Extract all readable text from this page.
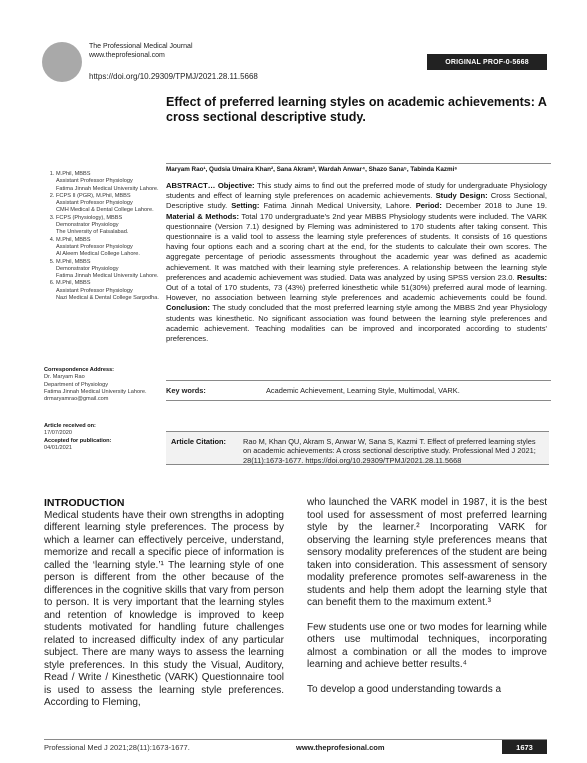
The Professional Medical Journal
www.theprofesional.com
https://doi.org/10.29309/TPMJ/2021.28.11.5668
ORIGINAL PROF-0-5668
Effect of preferred learning styles on academic achievements: A cross sectional descriptive study.
Maryam Rao¹, Qudsia Umaira Khan², Sana Akram³, Wardah Anwar⁴, Shazo Sana⁵, Tabinda Kazmi⁶
ABSTRACT… Objective: This study aims to find out the preferred mode of study for undergraduate Physiology students and effect of learning style preferences on academic achievements. Study Design: Cross Sectional, Descriptive study. Setting: Fatima Jinnah Medical University, Lahore. Period: December 2018 to June 19. Material & Methods: Total 170 undergraduate's 2nd year MBBS Physiology students were included. The VARK questionnaire (Version 7.1) designed by Fleming was administered to 170 students after taking consent. This questionnaire is a valid tool to assess the learning style preferences of students. It consists of 16 questions having four options each and a scoring chart at the end, for the students to calculate their own scores. The aggregate percentage of periodic assessments throughout the academic year was defined as academic achievement. It was matched with their learning style preferences. A relationship between the learning style preferences and academic achievement was studied. Data was analyzed by using SPSS version 23.0. Results: Out of a total of 170 students, 73 (43%) preferred kinesthetic while 51(30%) preferred aural mode of learning. However, no association between learning style preferences and academic achievements could be found. Conclusion: The study concluded that the most preferred learning style among the MBBS 2nd year Physiology students was kinesthetic. No significant association was found between the learning style preferences and academic achievement. Teaching modalities can be improved and incorporated according to students' preferences.
Key words:	Academic Achievement, Learning Style, Multimodal, VARK.
Article Citation: Rao M, Khan QU, Akram S, Anwar W, Sana S, Kazmi T. Effect of preferred learning styles on academic achievements: A cross sectional descriptive study. Professional Med J 2021; 28(11):1673-1677. https://doi.org/10.29309/TPMJ/2021.28.11.5668
1. M.Phil, MBBS
Assistant Professor Physiology
Fatima Jinnah Medical University Lahore.
2. FCPS II (PGR), M.Phil, MBBS
Assistant Professor Physiology
CMH Medical & Dental College Lahore.
3. FCPS (Physiology), MBBS
Demonstrator Physiology
The University of Faisalabad.
4. M.Phil, MBBS
Assistant Professor Physiology
Al Aleem Medical College Lahore.
5. M.Phil, MBBS
Demonstrator Physiology
Fatima Jinnah Medical University Lahore.
6. M.Phil, MBBS
Assistant Professor Physiology
Nazi Medical & Dental College Sargodha.
Correspondence Address:
Dr. Maryam Rao
Department of Physiology
Fatima Jinnah Medical University Lahore.
drmaryamrao@gmail.com
Article received on:
17/07/2020
Accepted for publication:
04/01/2021
INTRODUCTION

Medical students have their own strengths in adopting different learning style preferences. The process by which a learner can effectively perceive, understand, memorize and recall a specific piece of information is called the ‘learning style.’¹ The learning style of one person is different from the other because of the differences in the cognitive skills that vary from person to person. It is very important that the learning styles and retention of knowledge is improved to keep students motivated for handling future challenges related to increased difficulty index of any particular subject. There are many ways to assess the learning style preferences. In this study the Visual, Auditory, Read / Write / Kinesthetic (VARK) Questionnaire tool is used to assess the learning style preferences. According to Fleming,

who launched the VARK model in 1987, it is the best tool used for assessment of most preferred learning style by the learner.² Incorporating VARK for observing the learning style preferences means that sensory modality preferences of the student are being taken into consideration. This assessment of sensory modality preference promotes self-awareness in the students and help them adopt the learning style that can benefit them to the maximum extent.³

Few students use one or two modes for learning while others use multimodal techniques, incorporating almost a combination or all the modes to improve learning and achieve better results.⁴

To develop a good understanding towards a

Professional Med J 2021;28(11):1673-1677.	www.theprofesional.com	1673
